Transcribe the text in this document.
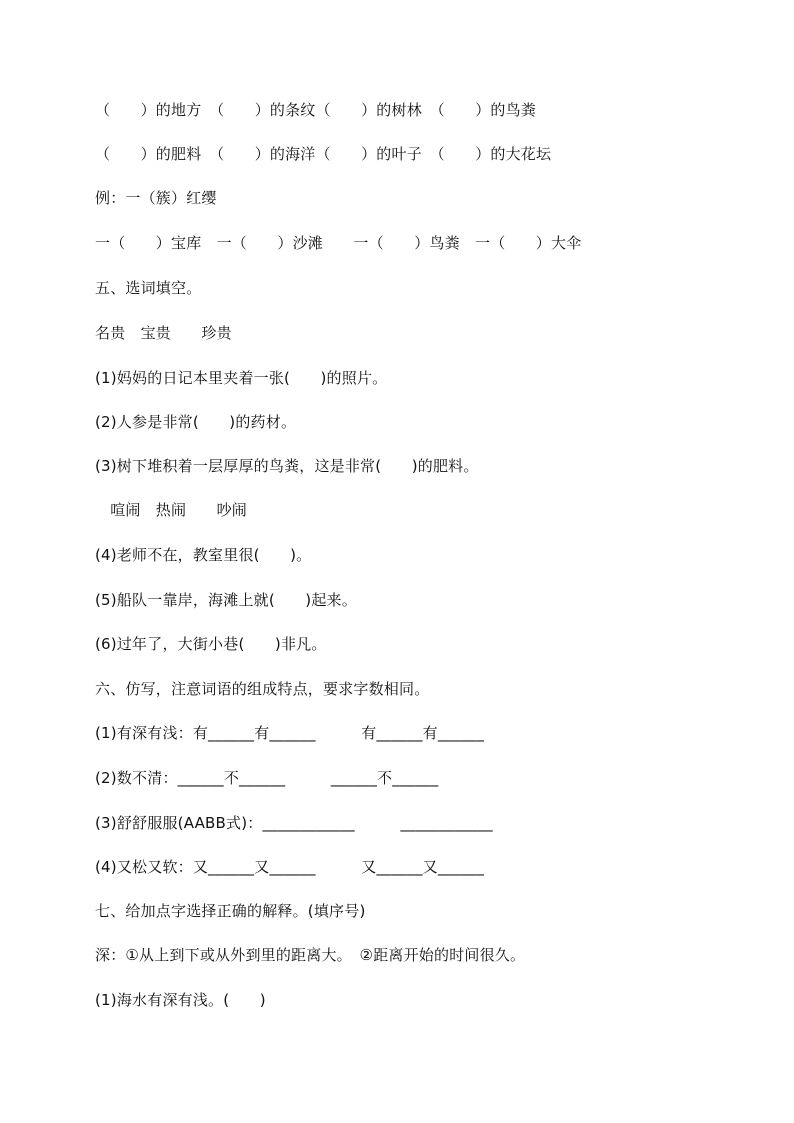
（　　）的地方　（　　）的条纹（　　）的树林　（　　）的鸟粪
（　　）的肥料　（　　）的海洋（　　）的叶子　（　　）的大花坛
例：一（簇）红缨
一（　　）宝库　一（　　）沙滩　　一（　　）鸟粪　一（　　）大伞
五、选词填空。
名贵　宝贵　　珍贵
(1)妈妈的日记本里夹着一张(　　)的照片。
(2)人参是非常(　　)的药材。
(3)树下堆积着一层厚厚的鸟粪，这是非常(　　)的肥料。
　喧闹　热闹　　吵闹
(4)老师不在，教室里很(　　)。
(5)船队一靠岸，海滩上就(　　)起来。
(6)过年了，大街小巷(　　)非凡。
六、仿写，注意词语的组成特点，要求字数相同。
(1)有深有浅：有______有______　　　有______有______
(2)数不清：______不______　　　______不______
(3)舒舒服服(AABB式)：____________　　　____________
(4)又松又软：又______又______　　　又______又______
七、给加点字选择正确的解释。(填序号)
深：①从上到下或从外到里的距离大。　②距离开始的时间很久。
(1)海水有深有浅。(　　)
